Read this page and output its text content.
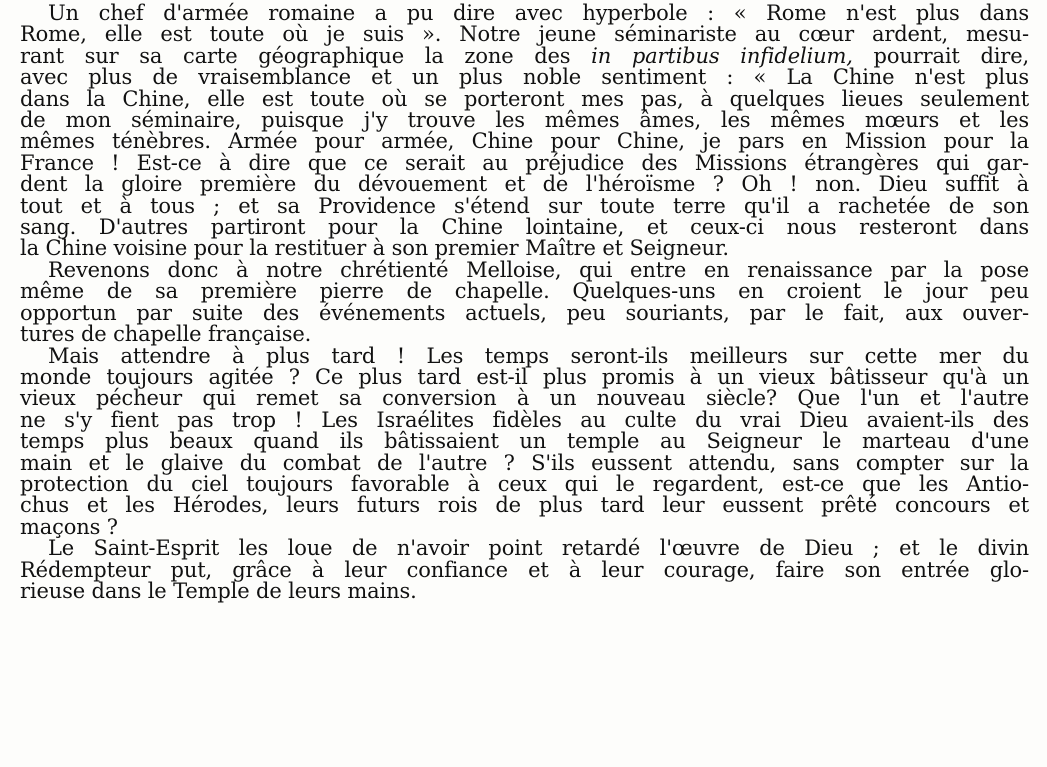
Un chef d'armée romaine a pu dire avec hyperbole : « Rome n'est plus dans
Rome, elle est toute où je suis ». Notre jeune séminariste au cœur ardent, mesu-
rant sur sa carte géographique la zone des in partibus infidelium, pourrait dire,
avec plus de vraisemblance et un plus noble sentiment : « La Chine n'est plus
dans la Chine, elle est toute où se porteront mes pas, à quelques lieues seulement
de mon séminaire, puisque j'y trouve les mêmes âmes, les mêmes mœurs et les
mêmes ténèbres. Armée pour armée, Chine pour Chine, je pars en Mission pour la
France ! Est-ce à dire que ce serait au préjudice des Missions étrangères qui gar-
dent la gloire première du dévouement et de l'héroïsme ? Oh ! non. Dieu suffit à
tout et à tous ; et sa Providence s'étend sur toute terre qu'il a rachetée de son
sang. D'autres partiront pour la Chine lointaine, et ceux-ci nous resteront dans
la Chine voisine pour la restituer à son premier Maître et Seigneur.
Revenons donc à notre chrétienté Melloise, qui entre en renaissance par la pose
même de sa première pierre de chapelle. Quelques-uns en croient le jour peu
opportun par suite des événements actuels, peu souriants, par le fait, aux ouver-
tures de chapelle française.
Mais attendre à plus tard ! Les temps seront-ils meilleurs sur cette mer du
monde toujours agitée ? Ce plus tard est-il plus promis à un vieux bâtisseur qu'à un
vieux pécheur qui remet sa conversion à un nouveau siècle? Que l'un et l'autre
ne s'y fient pas trop ! Les Israélites fidèles au culte du vrai Dieu avaient-ils des
temps plus beaux quand ils bâtissaient un temple au Seigneur le marteau d'une
main et le glaive du combat de l'autre ? S'ils eussent attendu, sans compter sur la
protection du ciel toujours favorable à ceux qui le regardent, est-ce que les Antio-
chus et les Hérodes, leurs futurs rois de plus tard leur eussent prêté concours et
maçons ?
Le Saint-Esprit les loue de n'avoir point retardé l'œuvre de Dieu ; et le divin
Rédempteur put, grâce à leur confiance et à leur courage, faire son entrée glo-
rieuse dans le Temple de leurs mains.
